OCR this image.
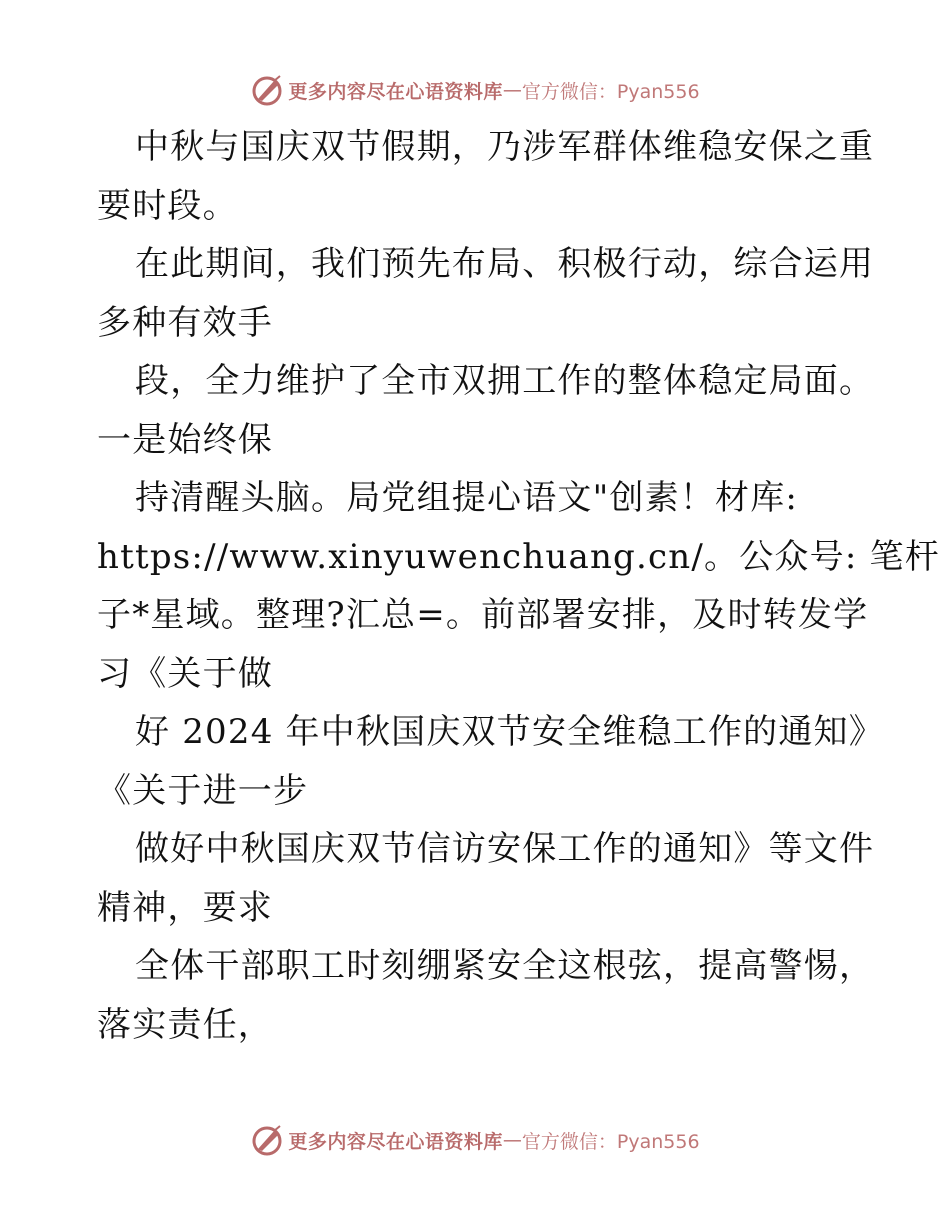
更多内容尽在心语资料库 — 官方微信：Pyan556
中秋与国庆双节假期，乃涉军群体维稳安保之重
要时段。
在此期间，我们预先布局、积极行动，综合运用
多种有效手
段，全力维护了全市双拥工作的整体稳定局面。
一是始终保
持清醒头脑。局党组提心语文"创素！材库:
https://www.xinyuwenchuang.cn/。公众号: 笔杆
子*星域。整理?汇总=。前部署安排，及时转发学
习《关于做
好 2024 年中秋国庆双节安全维稳工作的通知》
《关于进一步
做好中秋国庆双节信访安保工作的通知》等文件
精神，要求
全体干部职工时刻绷紧安全这根弦，提高警惕，
落实责任，
更多内容尽在心语资料库 — 官方微信：Pyan556
